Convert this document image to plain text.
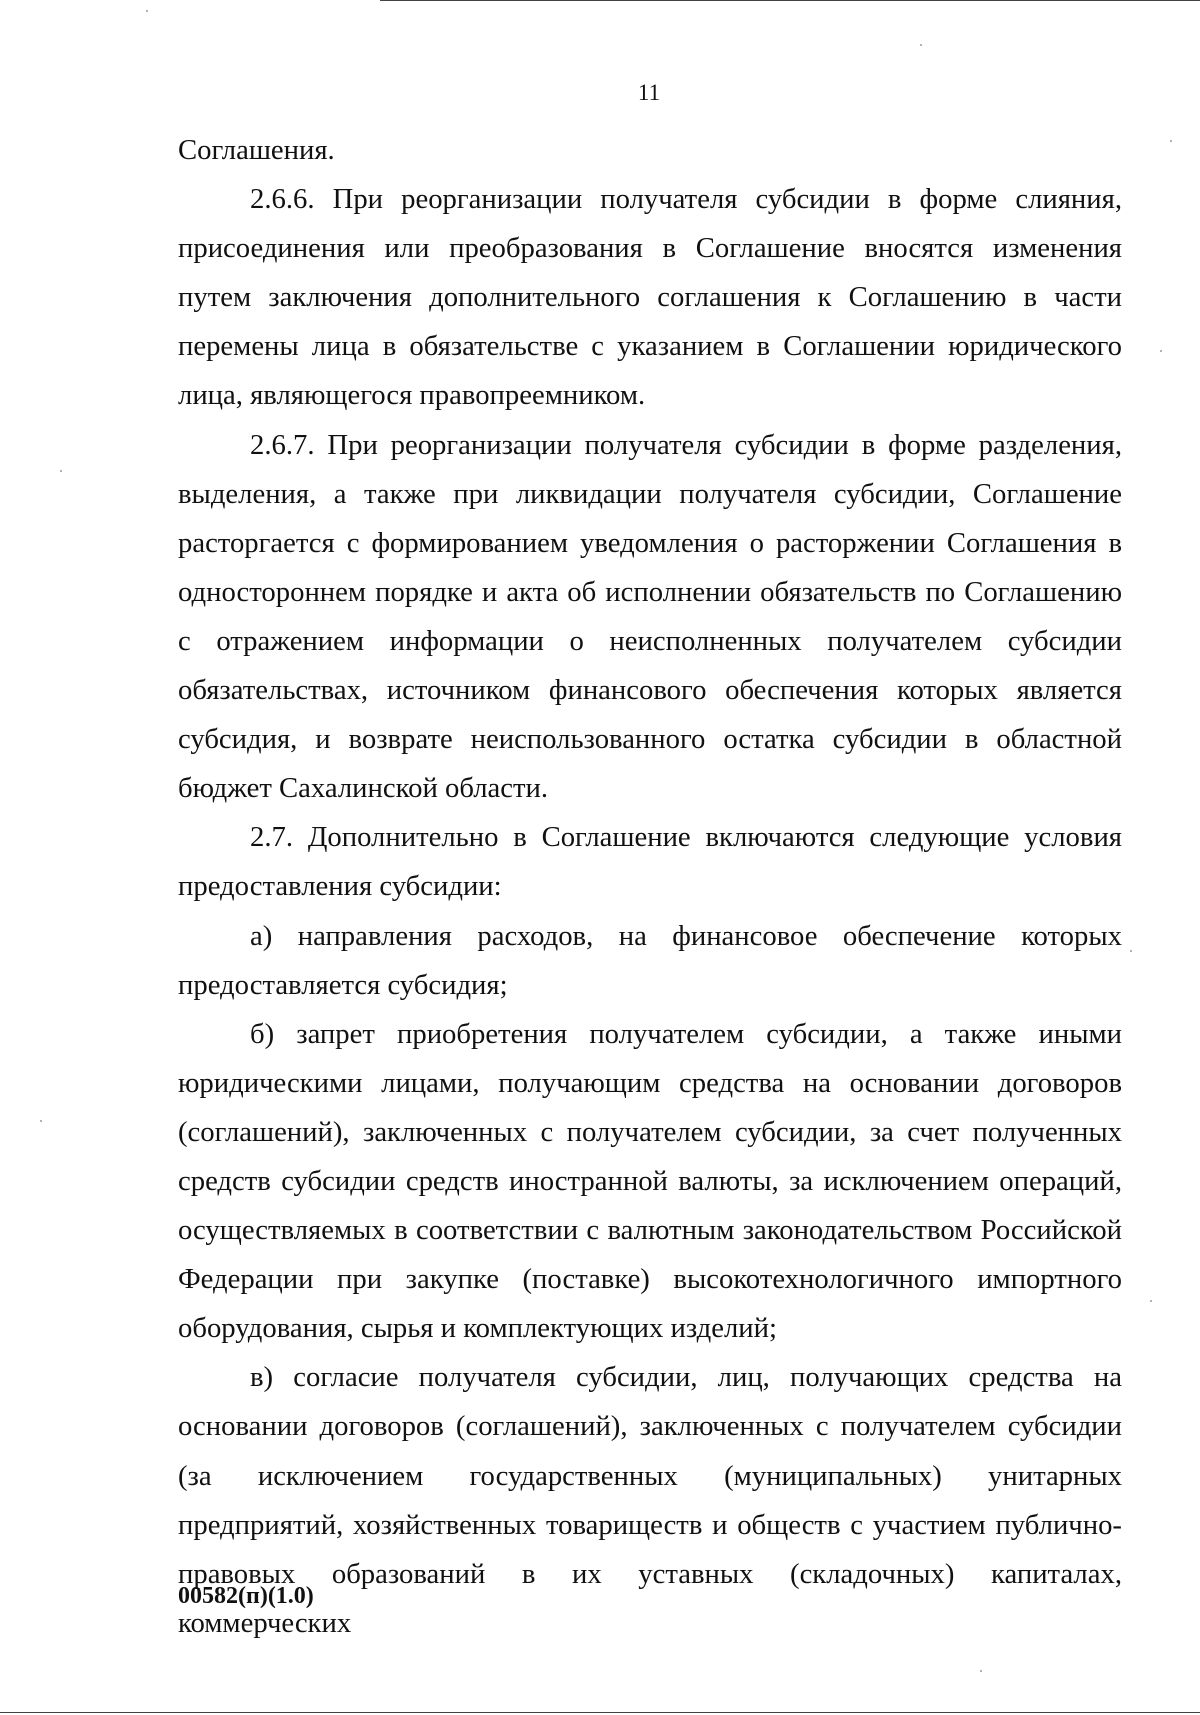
11

Соглашения.

2.6.6. При реорганизации получателя субсидии в форме слияния, присоединения или преобразования в Соглашение вносятся изменения путем заключения дополнительного соглашения к Соглашению в части перемены лица в обязательстве с указанием в Соглашении юридического лица, являющегося правопреемником.

2.6.7. При реорганизации получателя субсидии в форме разделения, выделения, а также при ликвидации получателя субсидии, Соглашение расторгается с формированием уведомления о расторжении Соглашения в одностороннем порядке и акта об исполнении обязательств по Соглашению с отражением информации о неисполненных получателем субсидии обязательствах, источником финансового обеспечения которых является субсидия, и возврате неиспользованного остатка субсидии в областной бюджет Сахалинской области.

2.7. Дополнительно в Соглашение включаются следующие условия предоставления субсидии:

а) направления расходов, на финансовое обеспечение которых предоставляется субсидия;

б) запрет приобретения получателем субсидии, а также иными юридическими лицами, получающим средства на основании договоров (соглашений), заключенных с получателем субсидии, за счет полученных средств субсидии средств иностранной валюты, за исключением операций, осуществляемых в соответствии с валютным законодательством Российской Федерации при закупке (поставке) высокотехнологичного импортного оборудования, сырья и комплектующих изделий;

в) согласие получателя субсидии, лиц, получающих средства на основании договоров (соглашений), заключенных с получателем субсидии (за исключением государственных (муниципальных) унитарных предприятий, хозяйственных товариществ и обществ с участием публично-правовых образований в их уставных (складочных) капиталах, коммерческих

00582(п)(1.0)
